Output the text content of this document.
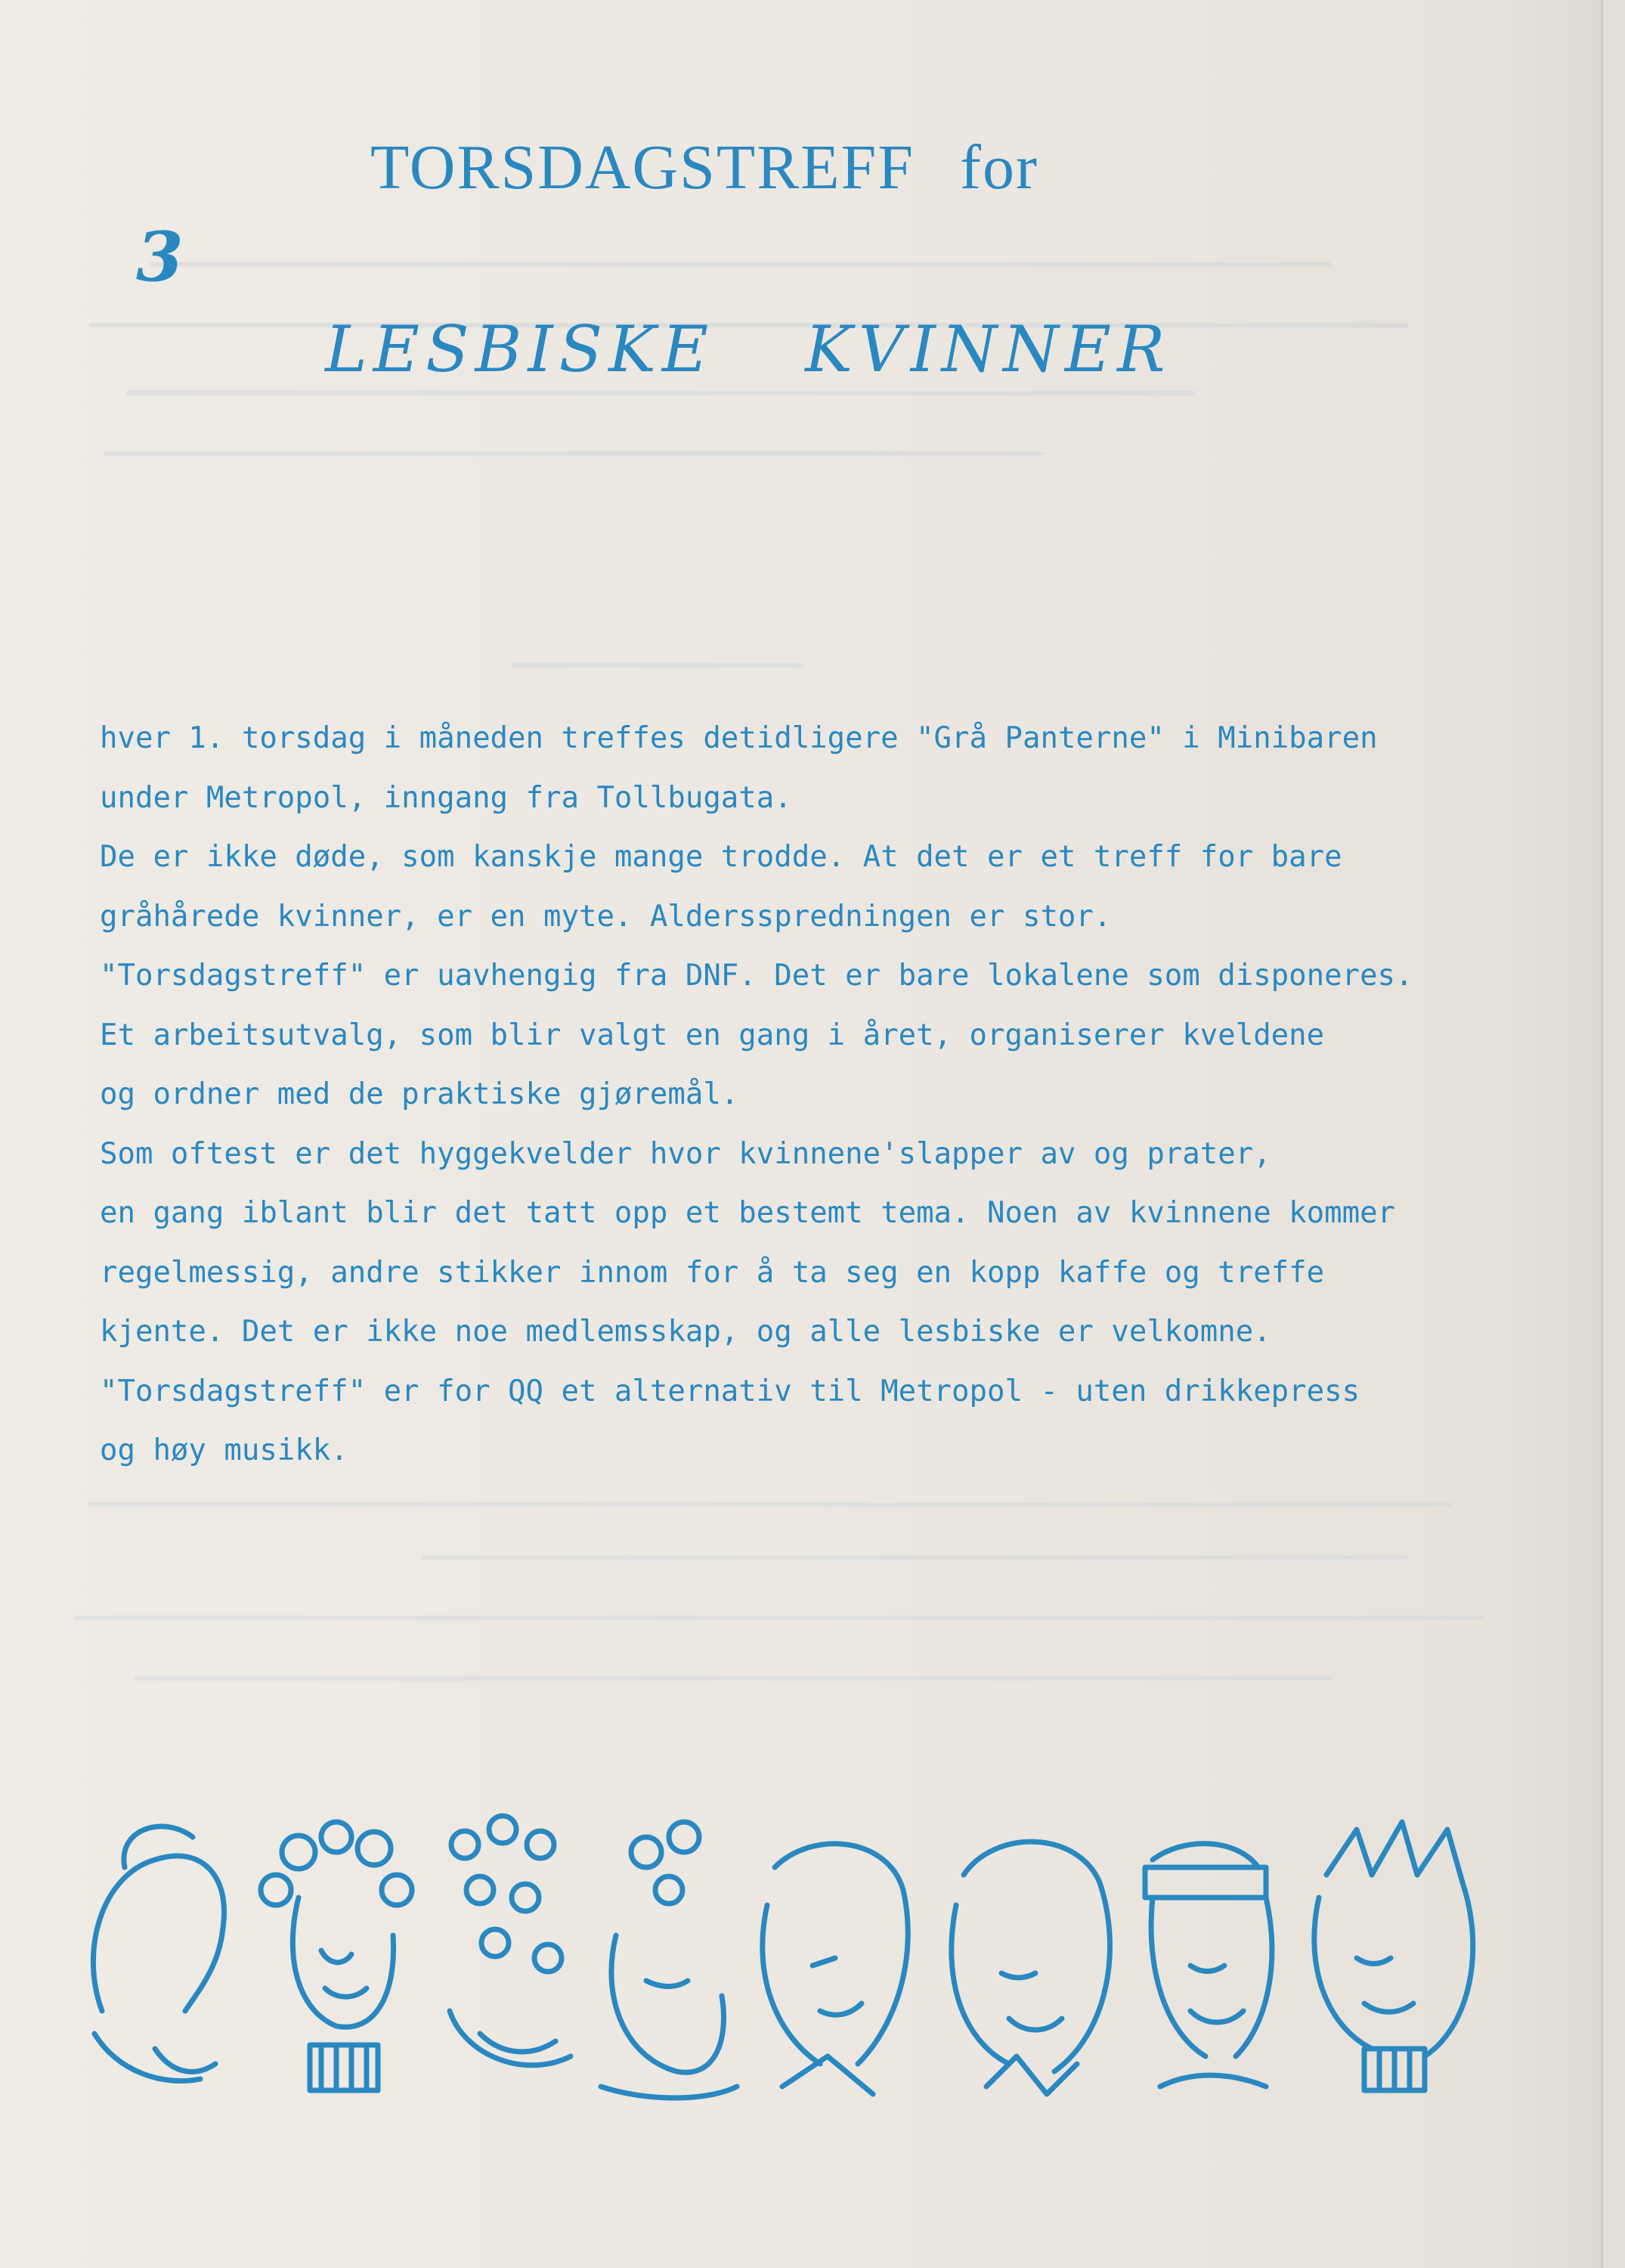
3
TORSDAGSTREFF for
LESBISKE KVINNER
hver 1. torsdag i måneden treffes detidligere "Grå Panterne" i Minibaren
under Metropol, inngang fra Tollbugata.
De er ikke døde, som kanskje mange trodde. At det er et treff for bare
gråhårede kvinner, er en myte. Aldersspredningen er stor.
"Torsdagstreff" er uavhengig fra DNF. Det er bare lokalene som disponeres.
Et arbeitsutvalg, som blir valgt en gang i året, organiserer kveldene
og ordner med de praktiske gjøremål.
Som oftest er det hyggekvelder hvor kvinnene'slapper av og prater,
en gang iblant blir det tatt opp et bestemt tema. Noen av kvinnene kommer
regelmessig, andre stikker innom for å ta seg en kopp kaffe og treffe
kjente. Det er ikke noe medlemsskap, og alle lesbiske er velkomne.
"Torsdagstreff" er for QQ et alternativ til Metropol - uten drikkepress
og høy musikk.
